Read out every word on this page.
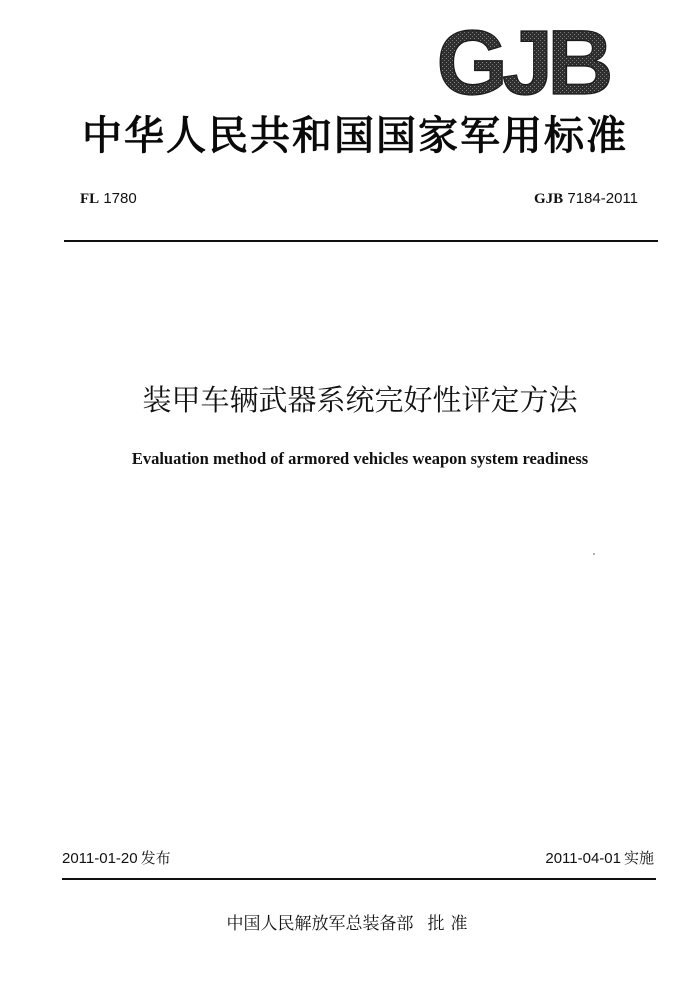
GJB
中华人民共和国国家军用标准
FL 1780	GJB 7184-2011
装甲车辆武器系统完好性评定方法
Evaluation method of armored vehicles weapon system readiness
2011-01-20 发布	2011-04-01 实施
中国人民解放军总装备部 批准
